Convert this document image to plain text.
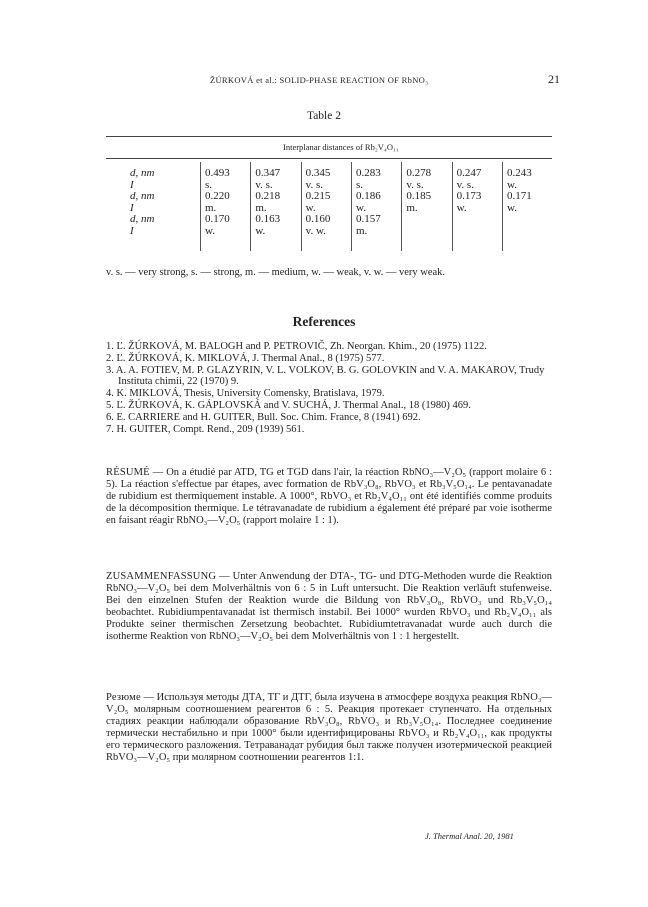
ŽÚRKOVÁ et al.: SOLID-PHASE REACTION OF RbNO₃	21
Table 2
Interplanar distances of Rb₂V₄O₁₁
d, nm	0.493	0.347	0.345	0.283	0.278	0.247	0.243
I	s.	v. s.	v. s.	s.	v. s.	v. s.	w.
d, nm	0.220	0.218	0.215	0.186	0.185	0.173	0.171
I	m.	m.	w.	w.	m.	w.	w.
d, nm	0.170	0.163	0.160	0.157			
I	w.	w.	v. w.	m.			

v. s. — very strong, s. — strong, m. — medium, w. — weak, v. w. — very weak.
References
1. Ľ. ŽÚRKOVÁ, M. BALOGH and P. PETROVIČ, Zh. Neorgan. Khim., 20 (1975) 1122.
2. Ľ. ŽÚRKOVÁ, K. MIKLOVÁ, J. Thermal Anal., 8 (1975) 577.
3. A. A. FOTIEV, M. P. GLAZYRIN, V. L. VOLKOV, B. G. GOLOVKIN and V. A. MAKAROV, Trudy Instituta chimii, 22 (1970) 9.
4. K. MIKLOVÁ, Thesis, University Comensky, Bratislava, 1979.
5. Ľ. ŽÚRKOVÁ, K. GÁPLOVSKÁ and V. SUCHÁ, J. Thermal Anal., 18 (1980) 469.
6. E. CARRIERE and H. GUITER, Bull. Soc. Chim. France, 8 (1941) 692.
7. H. GUITER, Compt. Rend., 209 (1939) 561.

RÉSUMÉ — On a étudié par ATD, TG et TGD dans l'air, la réaction RbNO₃—V₂O₅ (rapport molaire 6 : 5). La réaction s'effectue par étapes, avec formation de RbV₃O₈, RbVO₃ et Rb₃V₅O₁₄. Le pentavanadate de rubidium est thermiquement instable. A 1000°, RbVO₃ et Rb₂V₄O₁₁ ont été identifiés comme produits de la décomposition thermique. Le tétravanadate de rubidium a également été préparé par voie isotherme en faisant réagir RbNO₃—V₂O₅ (rapport molaire 1 : 1).

ZUSAMMENFASSUNG — Unter Anwendung der DTA-, TG- und DTG-Methoden wurde die Reaktion RbNO₃—V₂O₅ bei dem Molverhältnis von 6 : 5 in Luft untersucht. Die Reaktion verläuft stufenweise. Bei den einzelnen Stufen der Reaktion wurde die Bildung von RbV₃O₈, RbVO₃ und Rb₃V₅O₁₄ beobachtet. Rubidiumpentavanadat ist thermisch instabil. Bei 1000° wurden RbVO₃ und Rb₂V₄O₁₁ als Produkte seiner thermischen Zersetzung beobachtet. Rubidiumtetravanadat wurde auch durch die isotherme Reaktion von RbNO₃—V₂O₅ bei dem Molverhältnis von 1 : 1 hergestellt.

Резюме — Используя методы ДТА, ТГ и ДТГ, была изучена в атмосфере воздуха реакция RbNO₃—V₂O₅ молярным соотношением реагентов 6 : 5. Реакция протекает ступенчато. На отдельных стадиях реакции наблюдали образование RbV₃O₈, RbVO₃ и Rb₃V₅O₁₄. Последнее соединение термически нестабильно и при 1000° были идентифицированы RbVO₃ и Rb₂V₄O₁₁, как продукты его термического разложения. Тетраванадат рубидия был также получен изотермической реакцией RbVO₃—V₂O₅ при молярном соотношении реагентов 1:1.

J. Thermal Anal. 20, 1981
